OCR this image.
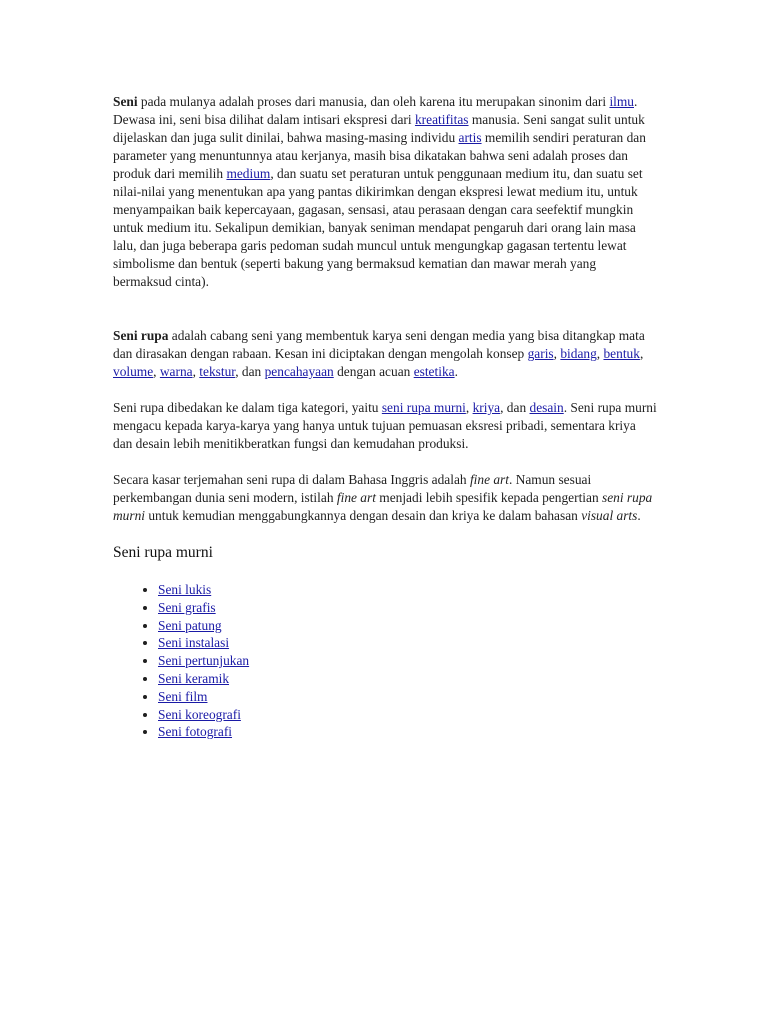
Seni pada mulanya adalah proses dari manusia, dan oleh karena itu merupakan sinonim dari ilmu. Dewasa ini, seni bisa dilihat dalam intisari ekspresi dari kreatifitas manusia. Seni sangat sulit untuk dijelaskan dan juga sulit dinilai, bahwa masing-masing individu artis memilih sendiri peraturan dan parameter yang menuntunnya atau kerjanya, masih bisa dikatakan bahwa seni adalah proses dan produk dari memilih medium, dan suatu set peraturan untuk penggunaan medium itu, dan suatu set nilai-nilai yang menentukan apa yang pantas dikirimkan dengan ekspresi lewat medium itu, untuk menyampaikan baik kepercayaan, gagasan, sensasi, atau perasaan dengan cara seefektif mungkin untuk medium itu. Sekalipun demikian, banyak seniman mendapat pengaruh dari orang lain masa lalu, dan juga beberapa garis pedoman sudah muncul untuk mengungkap gagasan tertentu lewat simbolisme dan bentuk (seperti bakung yang bermaksud kematian dan mawar merah yang bermaksud cinta).

Seni rupa adalah cabang seni yang membentuk karya seni dengan media yang bisa ditangkap mata dan dirasakan dengan rabaan. Kesan ini diciptakan dengan mengolah konsep garis, bidang, bentuk, volume, warna, tekstur, dan pencahayaan dengan acuan estetika.

Seni rupa dibedakan ke dalam tiga kategori, yaitu seni rupa murni, kriya, dan desain. Seni rupa murni mengacu kepada karya-karya yang hanya untuk tujuan pemuasan eksresi pribadi, sementara kriya dan desain lebih menitikberatkan fungsi dan kemudahan produksi.

Secara kasar terjemahan seni rupa di dalam Bahasa Inggris adalah fine art. Namun sesuai perkembangan dunia seni modern, istilah fine art menjadi lebih spesifik kepada pengertian seni rupa murni untuk kemudian menggabungkannya dengan desain dan kriya ke dalam bahasan visual arts.

Seni rupa murni
• Seni lukis
• Seni grafis
• Seni patung
• Seni instalasi
• Seni pertunjukan
• Seni keramik
• Seni film
• Seni koreografi
• Seni fotografi
